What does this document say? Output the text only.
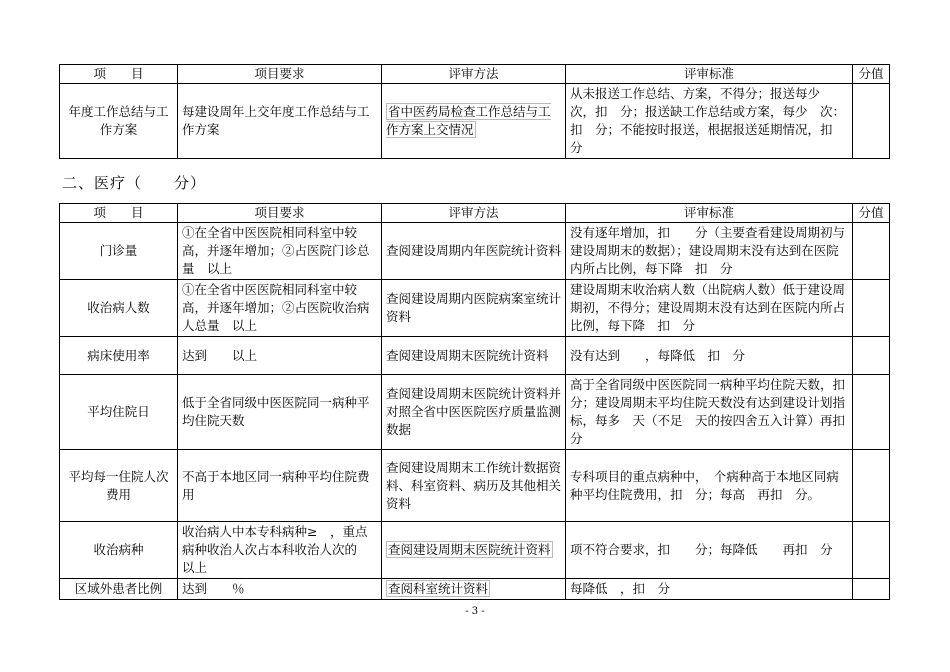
项　　目	项目要求	评审方法	评审标准	分值
年度工作总结与工作方案	每建设周年上交年度工作总结与工作方案	省中医药局检查工作总结与工作方案上交情况	从未报送工作总结、方案，不得分；报送每少　次，扣　分；报送缺工作总结或方案，每少　次：扣　分；不能按时报送，根据报送延期情况，扣　　分	
二、医疗（　　分）
项　　目	项目要求	评审方法	评审标准	分值
门诊量	①在全省中医医院相同科室中较高，并逐年增加；②占医院门诊总量　以上	查阅建设周期内年医院统计资料	没有逐年增加，扣　　分（主要查看建设周期初与建设周期末的数据）；建设周期末没有达到在医院内所占比例，每下降　扣　分	
收治病人数	①在全省中医医院相同科室中较高，并逐年增加；②占医院收治病人总量　以上	查阅建设周期内医院病案室统计资料	建设周期末收治病人数（出院病人数）低于建设周期初，不得分；建设周期末没有达到在医院内所占比例，每下降　扣　分	
病床使用率	达到　　以上	查阅建设周期末医院统计资料	没有达到　　，每降低　扣　分	
平均住院日	低于全省同级中医医院同一病种平均住院天数	查阅建设周期末医院统计资料并对照全省中医医院医疗质量监测数据	高于全省同级中医医院同一病种平均住院天数，扣　分；建设周期末平均住院天数没有达到建设计划指标，每多　天（不足　天的按四舍五入计算）再扣　分	
平均每一住院人次费用	不高于本地区同一病种平均住院费用	查阅建设周期末工作统计数据资料、科室资料、病历及其他相关资料	专科项目的重点病种中，　个病种高于本地区同病种平均住院费用，扣　分；每高　再扣　分。	
收治病种	收治病人中本专科病种≥　，重点病种收治人次占本科收治人次的　　以上	查阅建设周期末医院统计资料	项不符合要求，扣　　分；每降低　　再扣　分	
区域外患者比例	达到　　％	查阅科室统计资料	每降低　，扣　分	
- 3 -
